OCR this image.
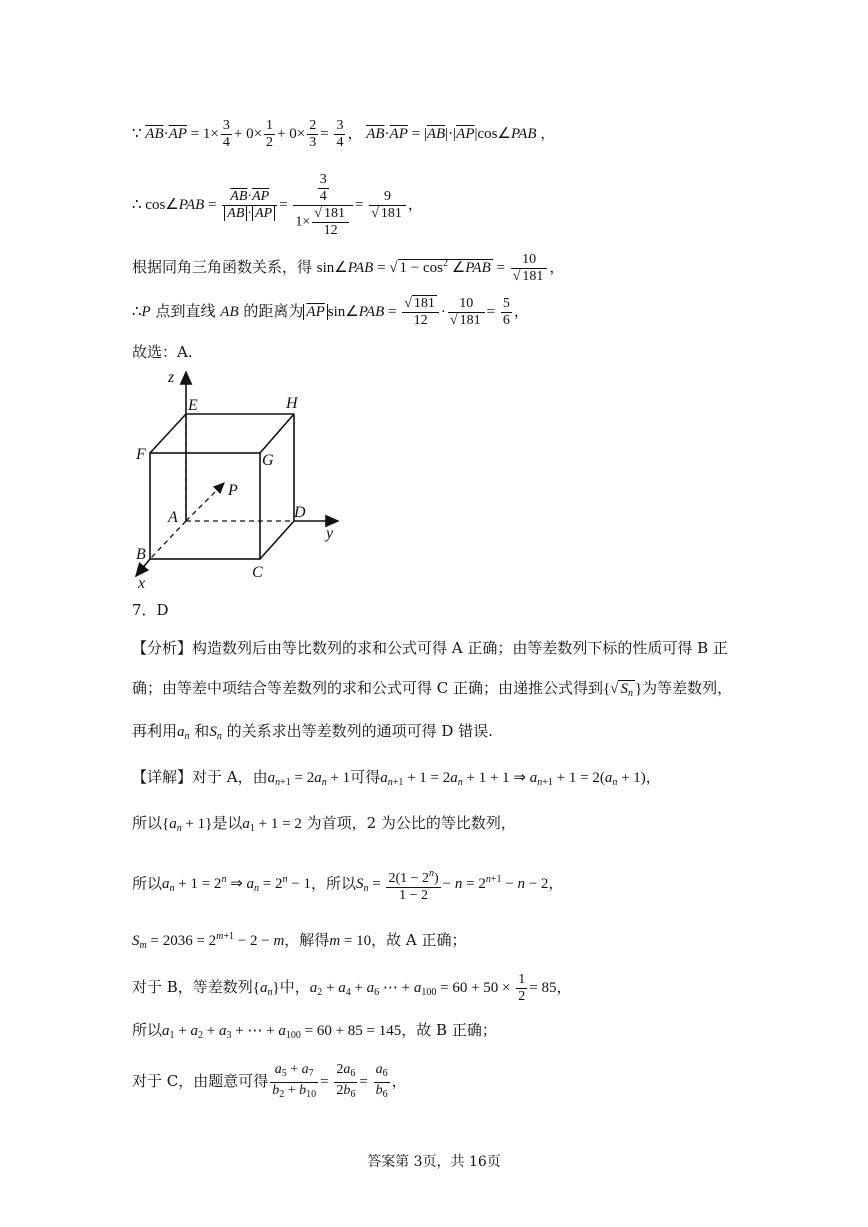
∵ $\overline{AB}\cdot\overline{AP} = 1\times \frac{3}{4} + 0\times \frac{1}{2} + 0\times \frac{2}{3} = \frac{3}{4}$ ， $\overline{AB}\cdot\overline{AP}$ = $|\overline{AB}|\cdot|\overline{AP}|\cos\angle PAB$ ，
∴ cos∠PAB = $\frac{\overline{AB}\cdot\overline{AP}}{\overline{AB} \cdot \overline{AP}} = \frac{\frac{3}{4}}{1\times \frac{√ 181}{12}} = \frac{9}{√ 181}$ ，
根据同角三角函数关系，得 sin∠PAB = √ $1 - \cos^2$ ∠PAB = $\frac{10}{√ 181}$ ，
∴P 点到直线 AB 的距离为 $\overline{AP}$ sin∠PAB = $\frac{√ 181}{12} \cdot \frac{10}{√ 181} = \frac{5}{6}$ ，
故选：A.
z
E	H
F	G
P
A	D
y
B
C
x
7．D
【分析】构造数列后由等比数列的求和公式可得 A 正确；由等差数列下标的性质可得 B 正
确；由等差中项结合等差数列的求和公式可得 C 正确；由递推公式得到{√ $S_n$ }为等差数列，
再利用$a_n$ 和$S_n$ 的关系求出等差数列的通项可得 D 错误.
【详解】对于 A，由$a_{n+1} = 2a_n + 1$可得$a_{n+1} + 1 = 2a_n + 1 + 1$ ⇒ $a_{n+1} + 1 = 2(a_n + 1)$，
所以$\{a_n + 1\}$是以$a_1 + 1 = 2$ 为首项，2 为公比的等比数列，
所以$a_n + 1 = 2^n$ ⇒ $a_n = 2^n - 1$，所以$S_n = \frac{2(1 - 2^n)}{1 - 2} - n = 2^{n+1} - n - 2$，
$S_m = 2036 = 2^{m+1} - 2 - m$，解得m = 10，故 A 正确；
对于 B，等差数列$\{a_n\}$中，$a_2 + a_4 + a_6$ ⋯ + $a_{100} = 60 + 50 \times \frac{1}{2} = 85$，
所以$a_1 + a_2 + a_3$ + ⋯ + $a_{100} = 60 + 85 = 145$，故 B 正确；
对于 C，由题意可得 $\frac{a_5 + a_7}{b_2 + b_{10}} = \frac{2a_6}{2b_6} = \frac{a_6}{b_6}$ ，
答案第 3页，共 16页
